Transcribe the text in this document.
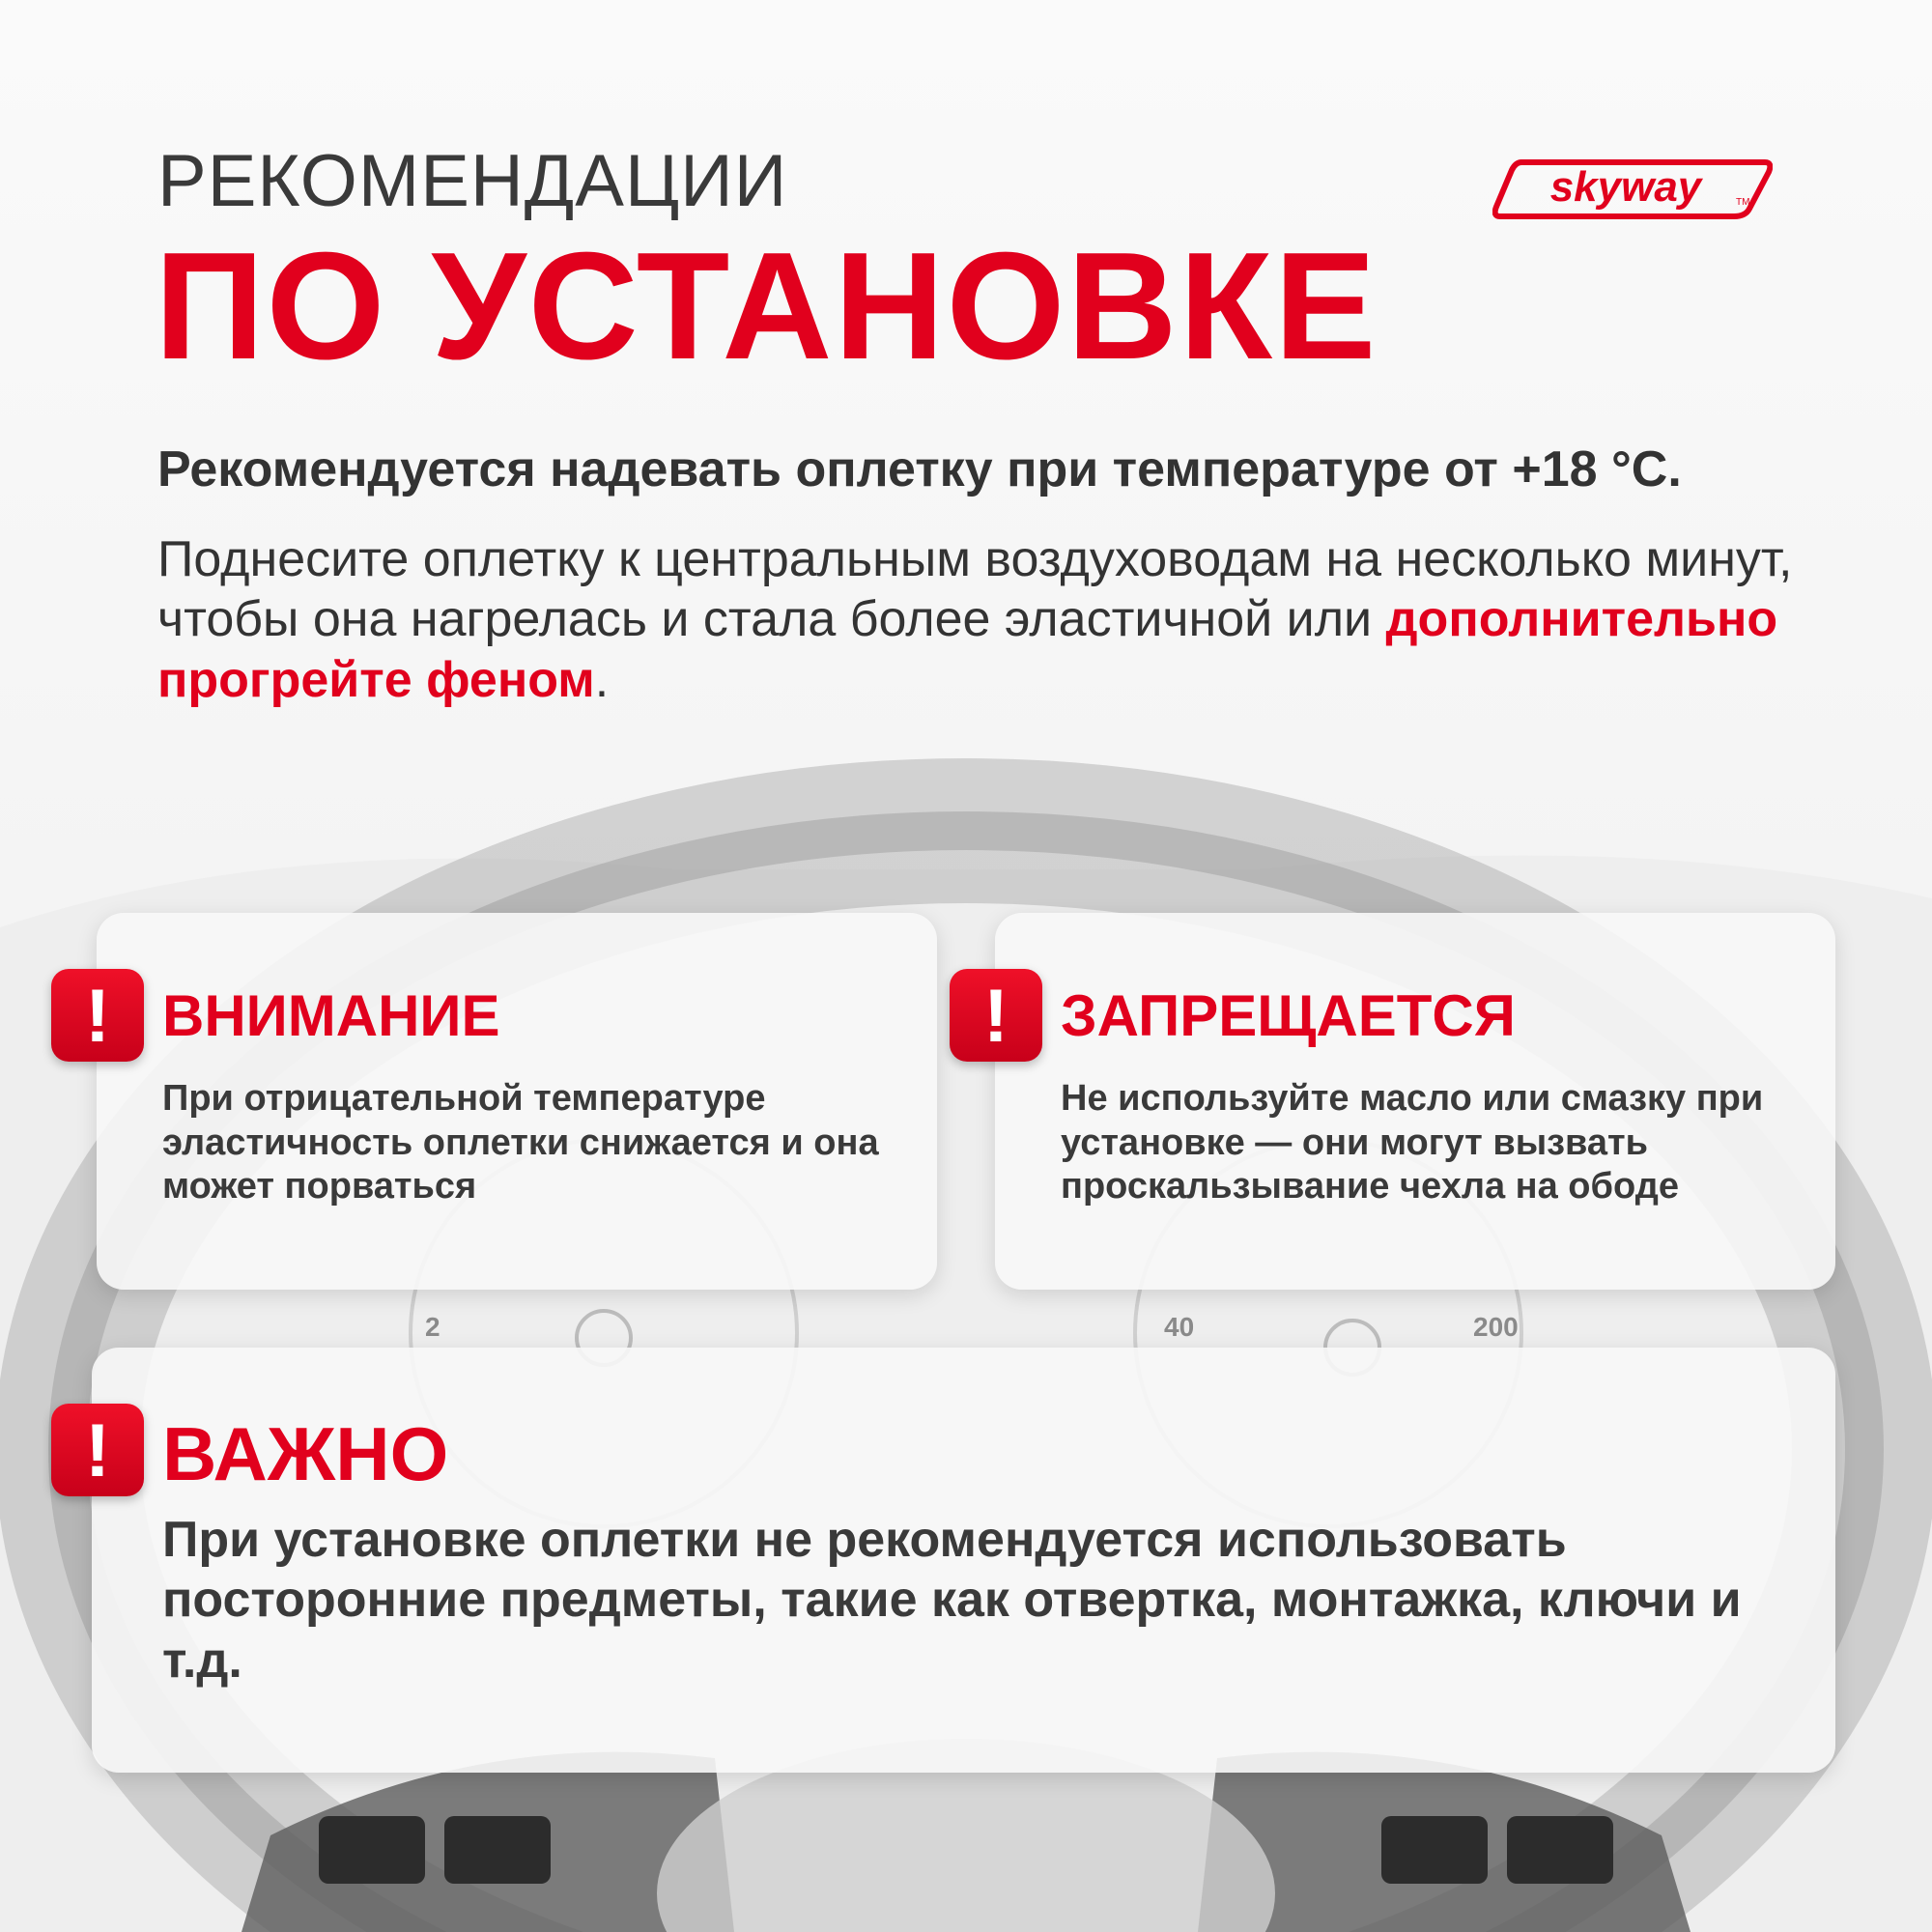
2	40	200
skyway	TM
РЕКОМЕНДАЦИИ
ПО УСТАНОВКЕ
Рекомендуется надевать оплетку при температуре от +18 °С.
Поднесите оплетку к центральным воздуховодам на несколько минут, чтобы она нагрелась и стала более эластичной или дополнительно прогрейте феном.
! ВНИМАНИЕ
При отрицательной температуре эластичность оплетки снижается и она может порваться
! ЗАПРЕЩАЕТСЯ
Не используйте масло или смазку при установке — они могут вызвать проскальзывание чехла на ободе
! ВАЖНО
При установке оплетки не рекомендуется использовать посторонние предметы, такие как отвертка, монтажка, ключи и т.д.
